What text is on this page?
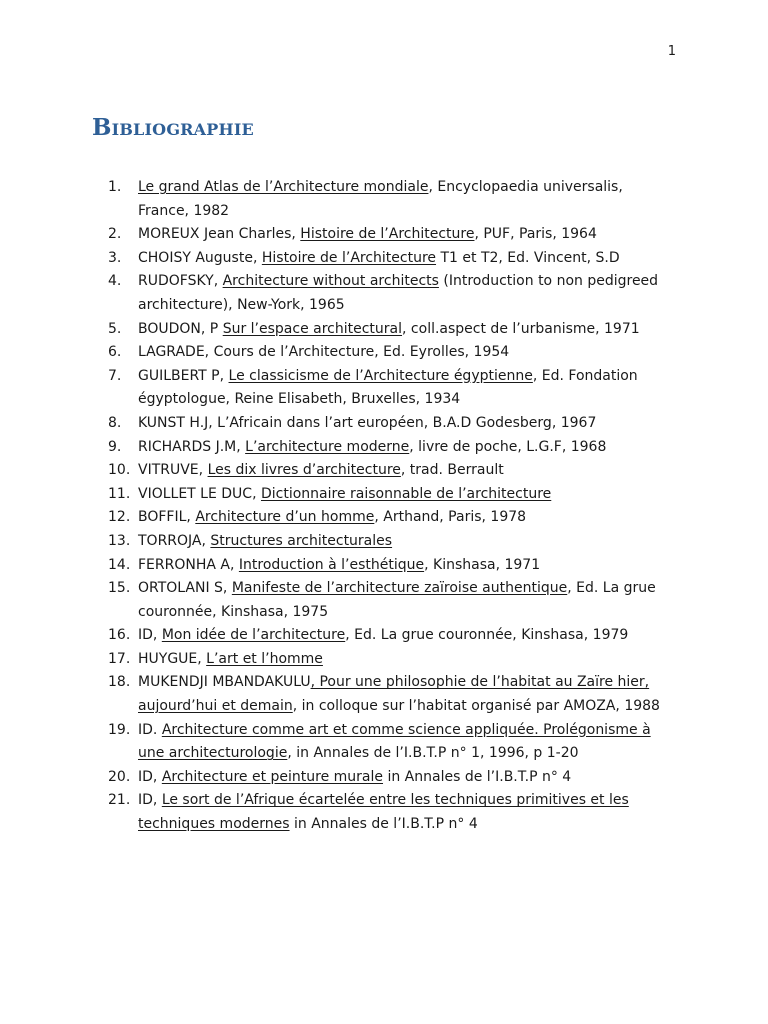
1
Bibliographie
1. Le grand Atlas de l’Architecture mondiale, Encyclopaedia universalis, France, 1982
2. MOREUX Jean Charles, Histoire de l’Architecture, PUF, Paris, 1964
3. CHOISY Auguste, Histoire de l’Architecture T1 et T2, Ed. Vincent, S.D
4. RUDOFSKY, Architecture without architects (Introduction to non pedigreed architecture), New-York, 1965
5. BOUDON, P Sur l’espace architectural, coll.aspect de l’urbanisme, 1971
6. LAGRADE, Cours de l’Architecture, Ed. Eyrolles, 1954
7. GUILBERT P, Le classicisme de l’Architecture égyptienne, Ed. Fondation égyptologue, Reine Elisabeth, Bruxelles, 1934
8. KUNST H.J, L’Africain dans l’art européen, B.A.D Godesberg, 1967
9. RICHARDS J.M, L’architecture moderne, livre de poche, L.G.F, 1968
10. VITRUVE, Les dix livres d’architecture, trad. Berrault
11. VIOLLET LE DUC, Dictionnaire raisonnable de l’architecture
12. BOFFIL, Architecture d’un homme, Arthand, Paris, 1978
13. TORROJA, Structures architecturales
14. FERRONHA A, Introduction à l’esthétique, Kinshasa, 1971
15. ORTOLANI S, Manifeste de l’architecture zaïroise authentique, Ed. La grue couronnée, Kinshasa, 1975
16. ID, Mon idée de l’architecture, Ed. La grue couronnée, Kinshasa, 1979
17. HUYGUE, L’art et l’homme
18. MUKENDJI MBANDAKULU, Pour une philosophie de l’habitat au Zaïre hier, aujourd’hui et demain, in colloque sur l’habitat organisé par AMOZA, 1988
19. ID. Architecture comme art et comme science appliquée. Prolégonisme à une architecturologie, in Annales de l’I.B.T.P n° 1, 1996, p 1-20
20. ID, Architecture et peinture murale in Annales de l’I.B.T.P n° 4
21. ID, Le sort de l’Afrique écartelée entre les techniques primitives et les techniques modernes in Annales de l’I.B.T.P n° 4
